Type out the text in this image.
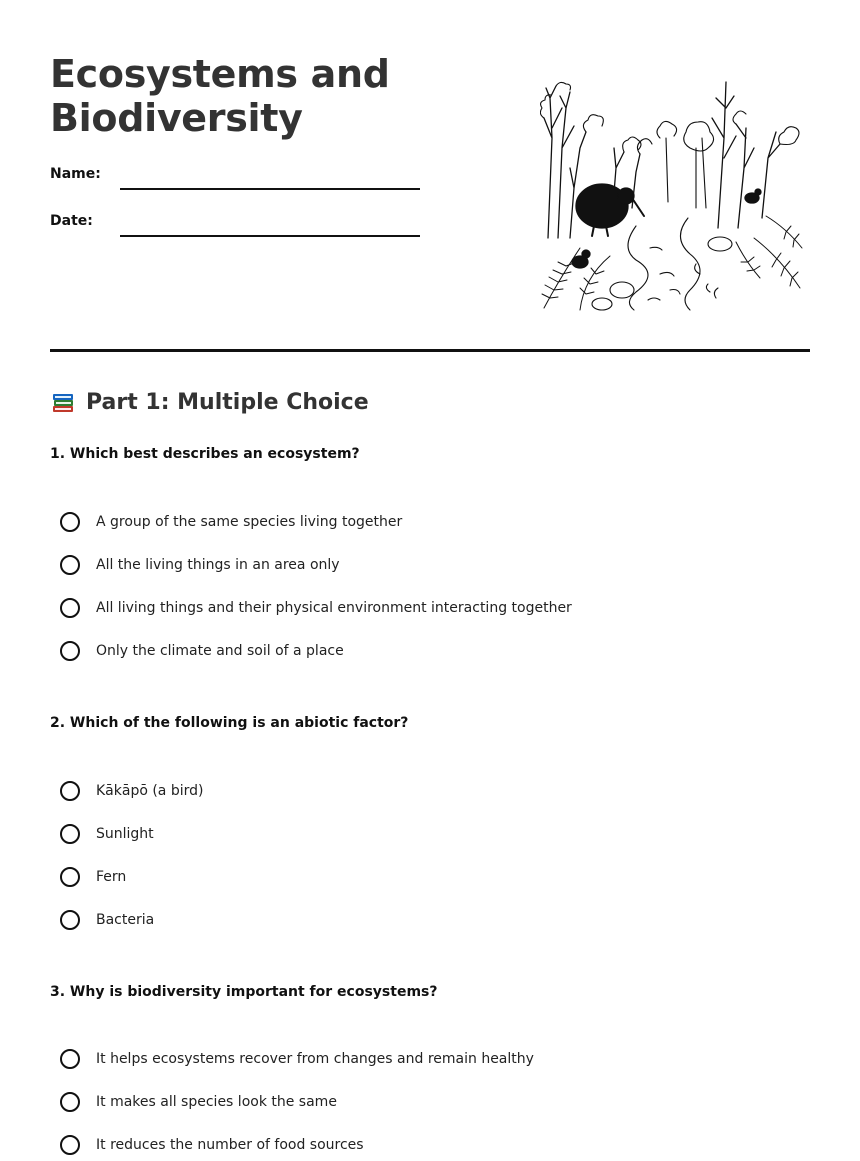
Ecosystems and
Biodiversity
Name:
Date:
Part 1: Multiple Choice

1. Which best describes an ecosystem?

A group of the same species living together
All the living things in an area only
All living things and their physical environment interacting together
Only the climate and soil of a place

2. Which of the following is an abiotic factor?

Kākāpō (a bird)
Sunlight
Fern
Bacteria

3. Why is biodiversity important for ecosystems?

It helps ecosystems recover from changes and remain healthy
It makes all species look the same
It reduces the number of food sources
